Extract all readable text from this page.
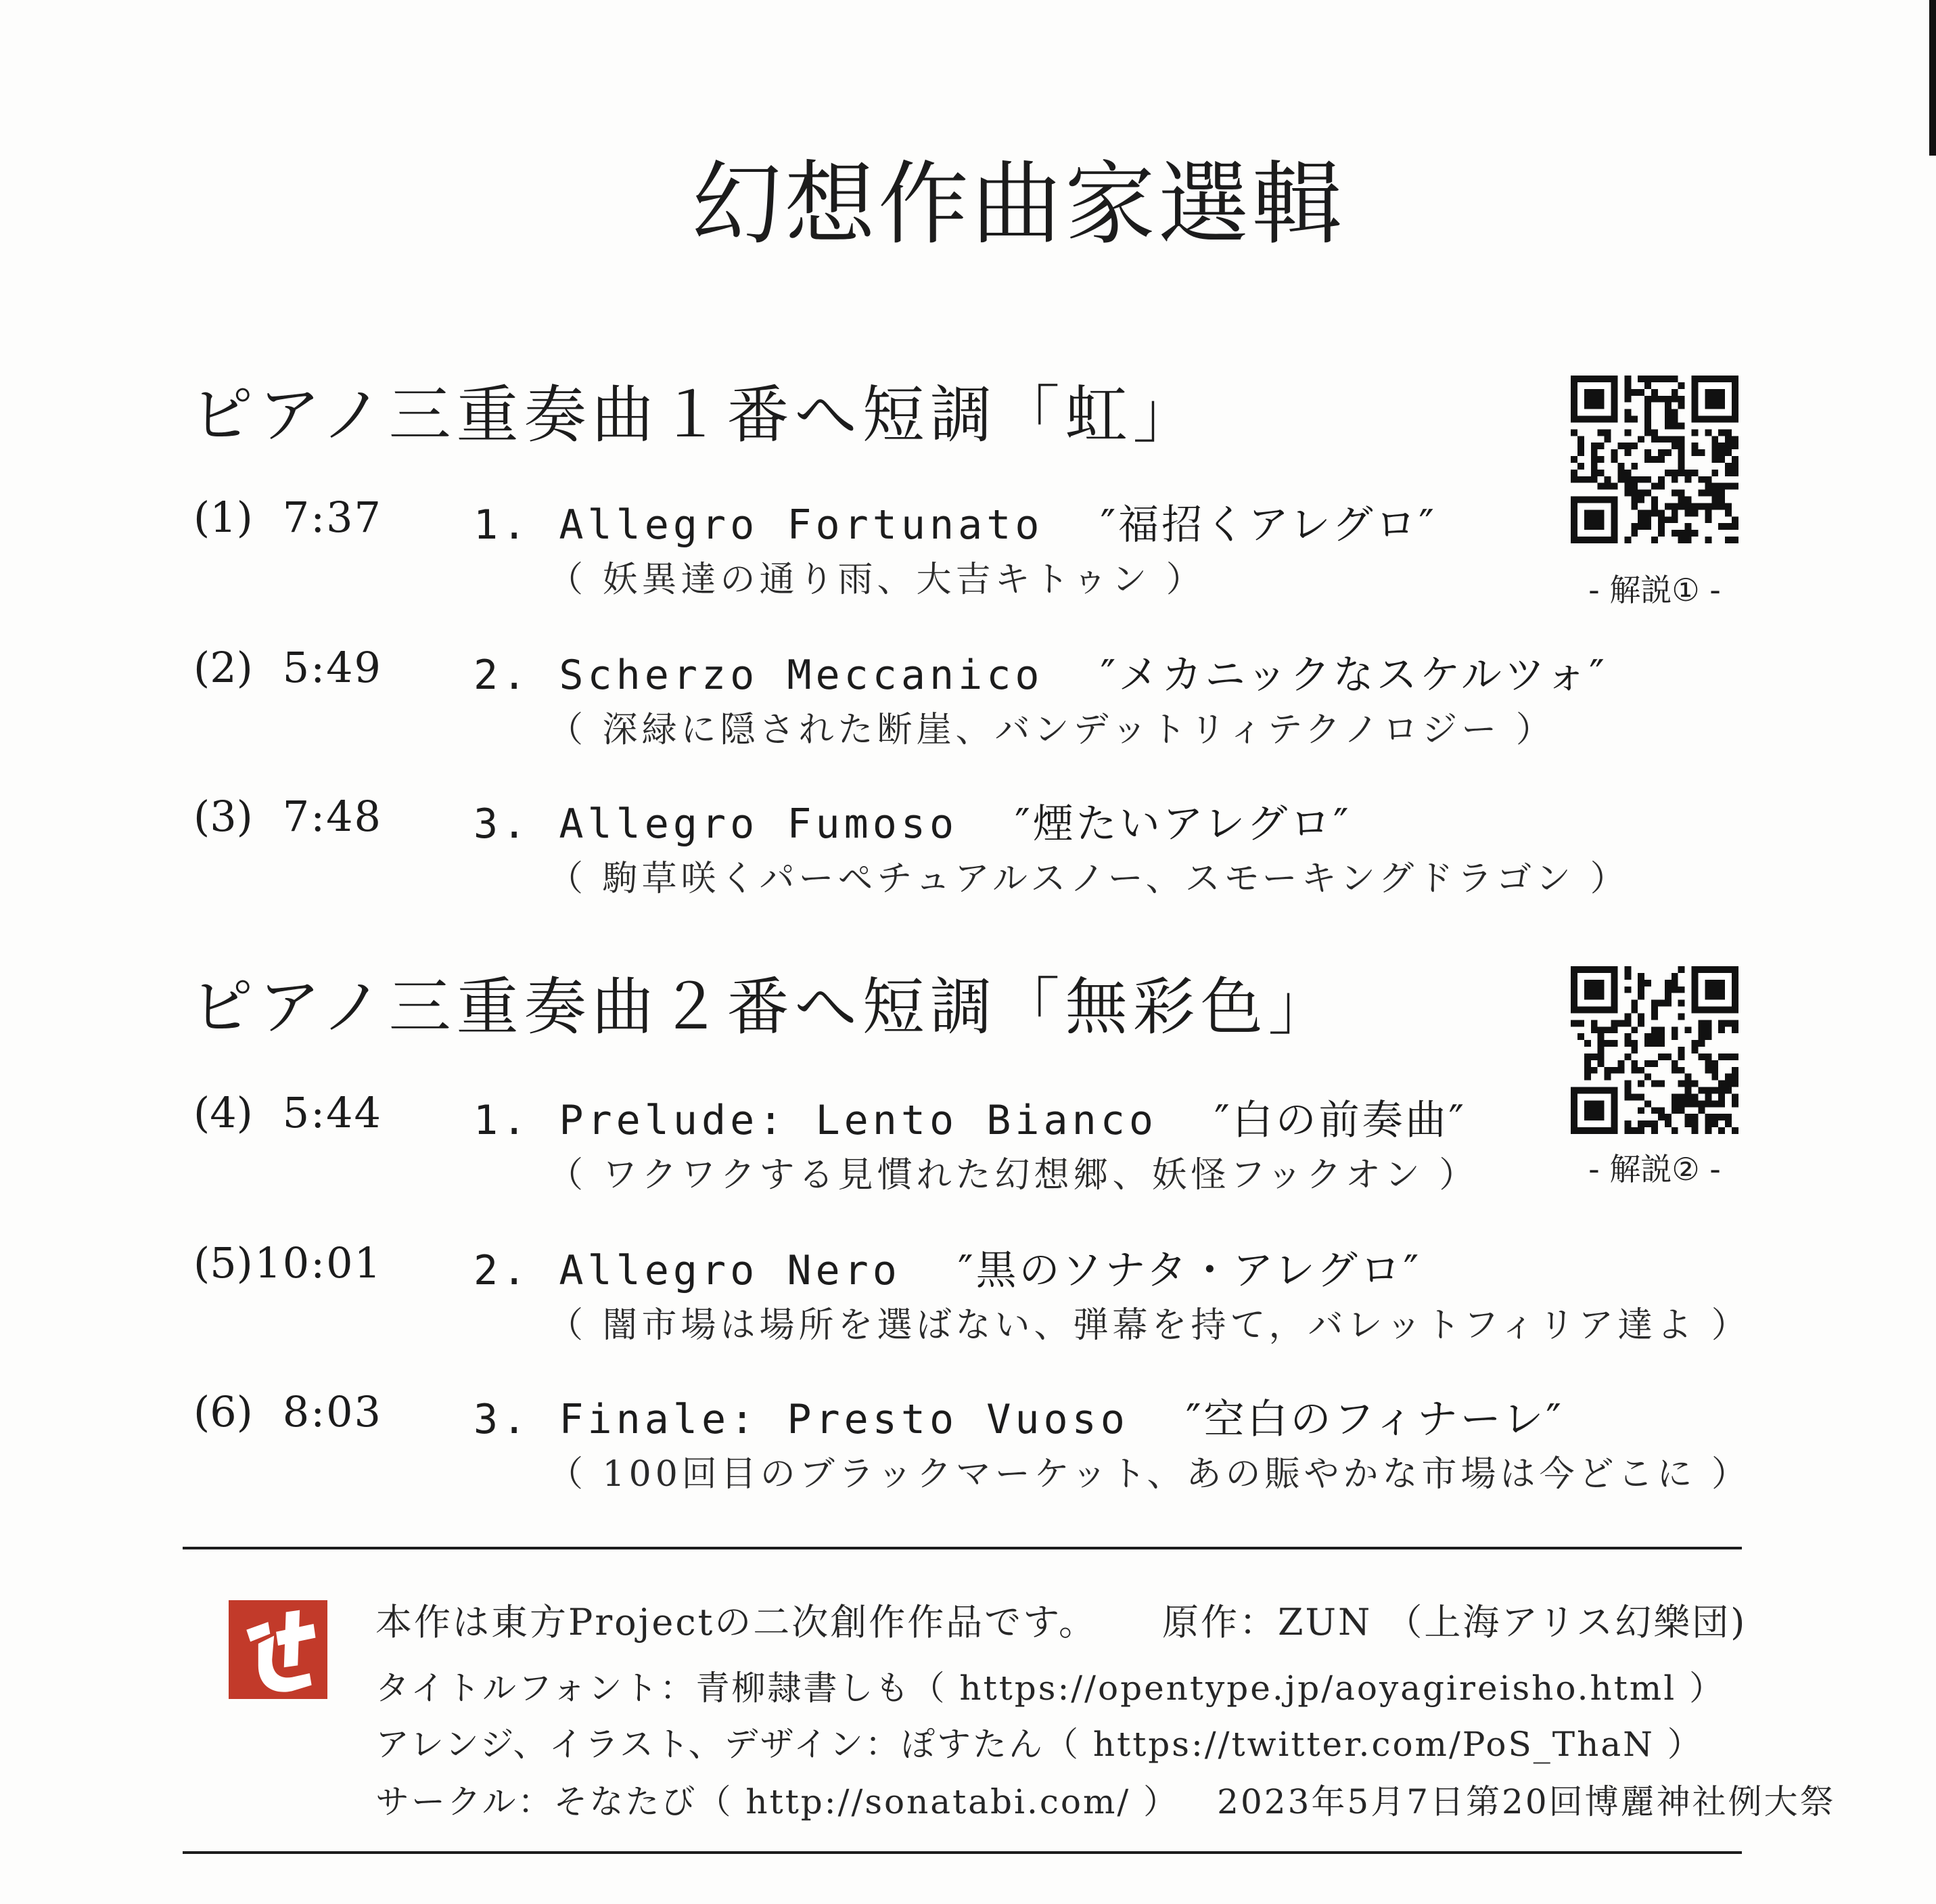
幻想作曲家選輯
ピアノ三重奏曲１番へ短調「虹」
- 解説① -
(1) 7:37 1. Allegro Fortunato ″福招くアレグロ″
（ 妖異達の通り雨、大吉キトゥン ）
(2) 5:49 2. Scherzo Meccanico ″メカニックなスケルツォ″
（ 深緑に隠された断崖、バンデットリィテクノロジー ）
(3) 7:48 3. Allegro Fumoso ″煙たいアレグロ″
（ 駒草咲くパーペチュアルスノー、スモーキングドラゴン ）
ピアノ三重奏曲２番へ短調「無彩色」
- 解説② -
(4) 5:44 1. Prelude: Lento Bianco ″白の前奏曲″
（ ワクワクする見慣れた幻想郷、妖怪フックオン ）
(5) 10:01 2. Allegro Nero ″黒のソナタ・アレグロ″
（ 闇市場は場所を選ばない、弾幕を持て，バレットフィリア達よ ）
(6) 8:03 3. Finale: Presto Vuoso ″空白のフィナーレ″
（ 100回目のブラックマーケット、あの賑やかな市場は今どこに ）
本作は東方Projectの二次創作作品です。 原作：ZUN （上海アリス幻樂団)
タイトルフォント：青柳隷書しも（ https://opentype.jp/aoyagireisho.html ）
アレンジ、イラスト、デザイン：ぽすたん（ https://twitter.com/PoS_ThaN ）
サークル：そなたび（ http://sonatabi.com/ ） 2023年5月7日第20回博麗神社例大祭
